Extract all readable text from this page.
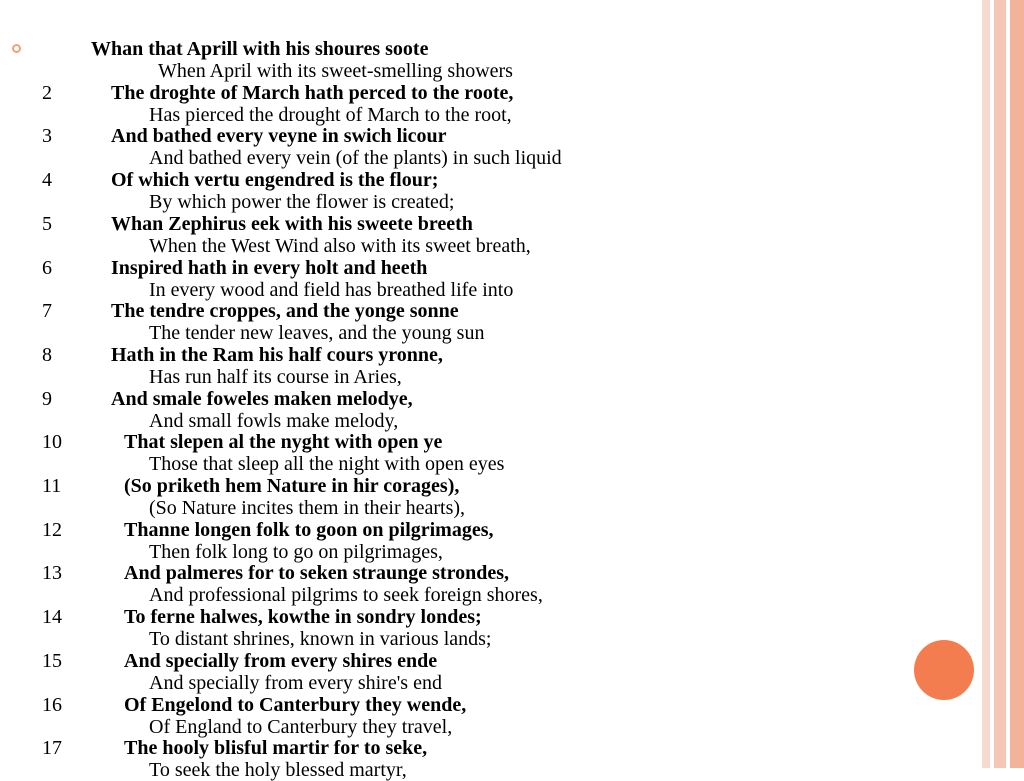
Whan that Aprill with his shoures soote
When April with its sweet-smelling showers
2	The droghte of March hath perced to the roote,
Has pierced the drought of March to the root,
3	And bathed every veyne in swich licour
And bathed every vein (of the plants) in such liquid
4	Of which vertu engendred is the flour;
By which power the flower is created;
5	Whan Zephirus eek with his sweete breeth
When the West Wind also with its sweet breath,
6	Inspired hath in every holt and heeth
In every wood and field has breathed life into
7	The tendre croppes, and the yonge sonne
The tender new leaves, and the young sun
8	Hath in the Ram his half cours yronne,
Has run half its course in Aries,
9	And smale foweles maken melodye,
And small fowls make melody,
10	That slepen al the nyght with open ye
Those that sleep all the night with open eyes
11	(So priketh hem Nature in hir corages),
(So Nature incites them in their hearts),
12	Thanne longen folk to goon on pilgrimages,
Then folk long to go on pilgrimages,
13	And palmeres for to seken straunge strondes,
And professional pilgrims to seek foreign shores,
14	To ferne halwes, kowthe in sondry londes;
To distant shrines, known in various lands;
15	And specially from every shires ende
And specially from every shire's end
16	Of Engelond to Canterbury they wende,
Of England to Canterbury they travel,
17	The hooly blisful martir for to seke,
To seek the holy blessed martyr,
